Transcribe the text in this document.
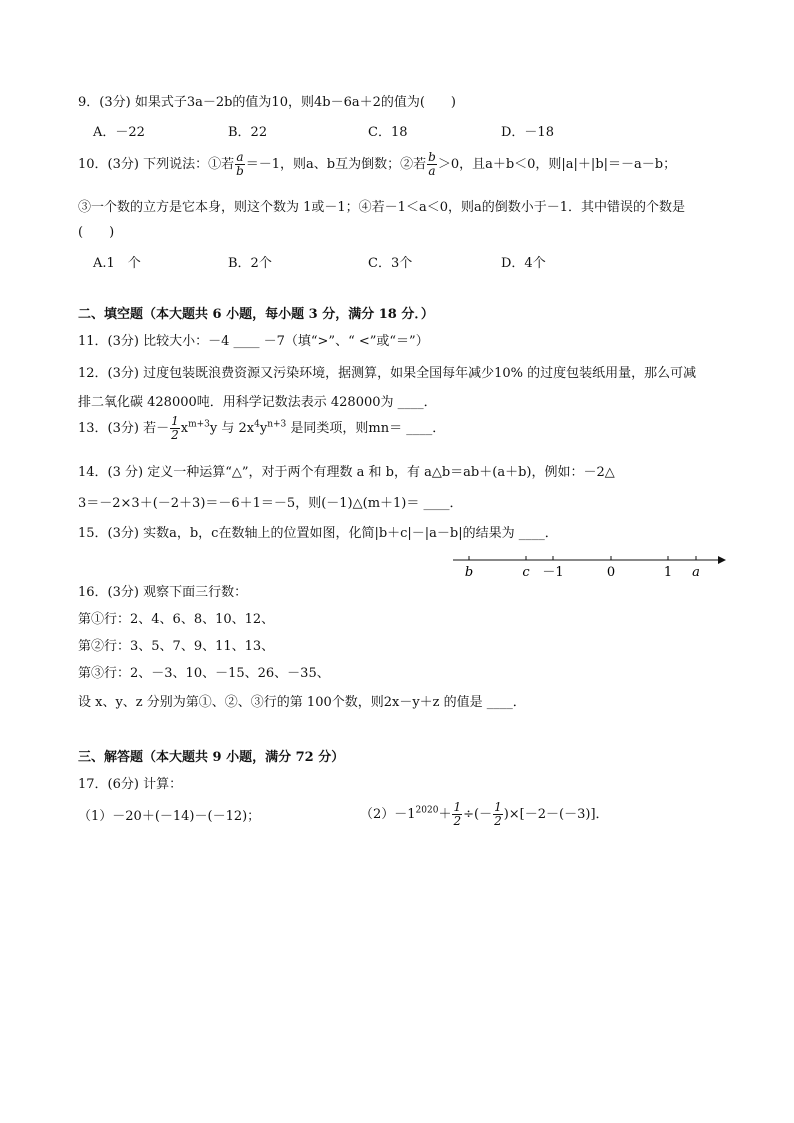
9．(3分) 如果式子3a－2b的值为10，则4b－6a＋2的值为(　　)
A．－22	B．22	C．18	D．－18
10．(3分) 下列说法：①若 $\frac{a}{b} =-1$，则a、b互为倒数；②若 $\frac{b}{a} >0$，且a＋b＜0，则|a|＋|b|＝－a－b；
③一个数的立方是它本身，则这个数为 1或－1；④若－1＜a＜0，则a的倒数小于－1．其中错误的个数是
(　　)
A.1　个	B．2个	C．3个	D．4个
二、填空题（本大题共 6 小题，每小题 3 分，满分 18 分．）
11．(3分) 比较大小：－4 ____ －7（填“>”、“ <”或“＝”）
12．(3分) 过度包装既浪费资源又污染环境，据测算，如果全国每年减少10% 的过度包装纸用量，那么可减
排二氧化碳 428000吨．用科学记数法表示 428000为 ____．
13．(3分) 若－ $\frac{1}{2} x^{m+3}y$ 与 $2x^4y^{n+3}$ 是同类项，则mn＝ ____．
14．(3 分) 定义一种运算“△”，对于两个有理数 a 和 b，有 a△b＝ab＋(a＋b)，例如：－2△
3＝－2×3＋(－2＋3)＝－6＋1＝－5，则(－1)△(m＋1)＝ ____．
15．(3分) 实数a，b，c在数轴上的位置如图，化简|b＋c|－|a－b|的结果为 ____．
b	c －1	0	1 a
16．(3分) 观察下面三行数：
第①行：2、4、6、8、10、12、
第②行：3、5、7、9、11、13、
第③行：2、－3、10、－15、26、－35、
设 x、y、z 分别为第①、②、③行的第 100个数，则2x－y＋z 的值是 ____．
三、解答题（本大题共 9 小题，满分 72 分）
17．(6分) 计算：
（1）－20＋(－14)－(－12)；	$(2)-1^{2020}+ \frac{1}{2}$ ÷(－ $\frac{1}{2} )\times[-2-(-3)]$．
